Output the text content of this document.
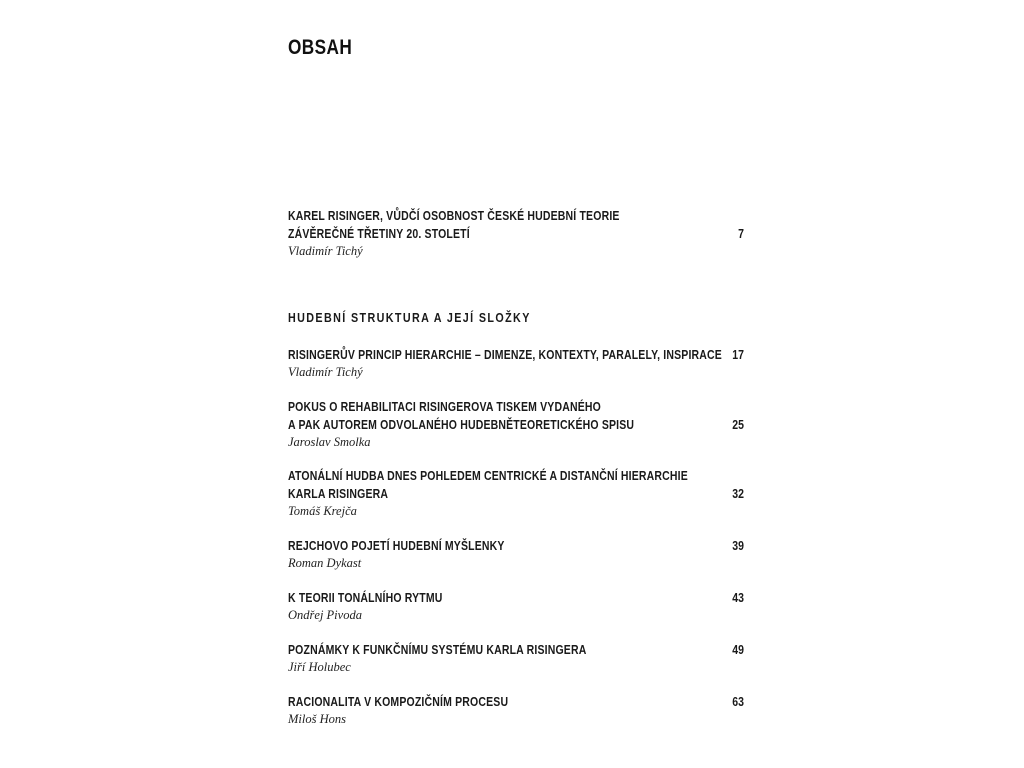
OBSAH
KAREL RISINGER, VŮDČÍ OSOBNOST ČESKÉ HUDEBNÍ TEORIE
ZÁVĚREČNÉ TŘETINY 20. STOLETÍ
Vladimír Tichý
7
HUDEBNÍ STRUKTURA A JEJÍ SLOŽKY
RISINGERŮV PRINCIP HIERARCHIE – DIMENZE, KONTEXTY, PARALELY, INSPIRACE
Vladimír Tichý
17
POKUS O REHABILITACI RISINGEROVA TISKEM VYDANÉHO
A PAK AUTOREM ODVOLANÉHO HUDEBNĚTEORETICKÉHO SPISU
Jaroslav Smolka
25
ATONÁLNÍ HUDBA DNES POHLEDEM CENTRICKÉ A DISTANČNÍ HIERARCHIE
KARLA RISINGERA
Tomáš Krejča
32
REJCHOVO POJETÍ HUDEBNÍ MYŠLENKY
Roman Dykast
39
K TEORII TONÁLNÍHO RYTMU
Ondřej Pivoda
43
POZNÁMKY K FUNKČNÍMU SYSTÉMU KARLA RISINGERA
Jiří Holubec
49
RACIONALITA V KOMPOZIČNÍM PROCESU
Miloš Hons
63
